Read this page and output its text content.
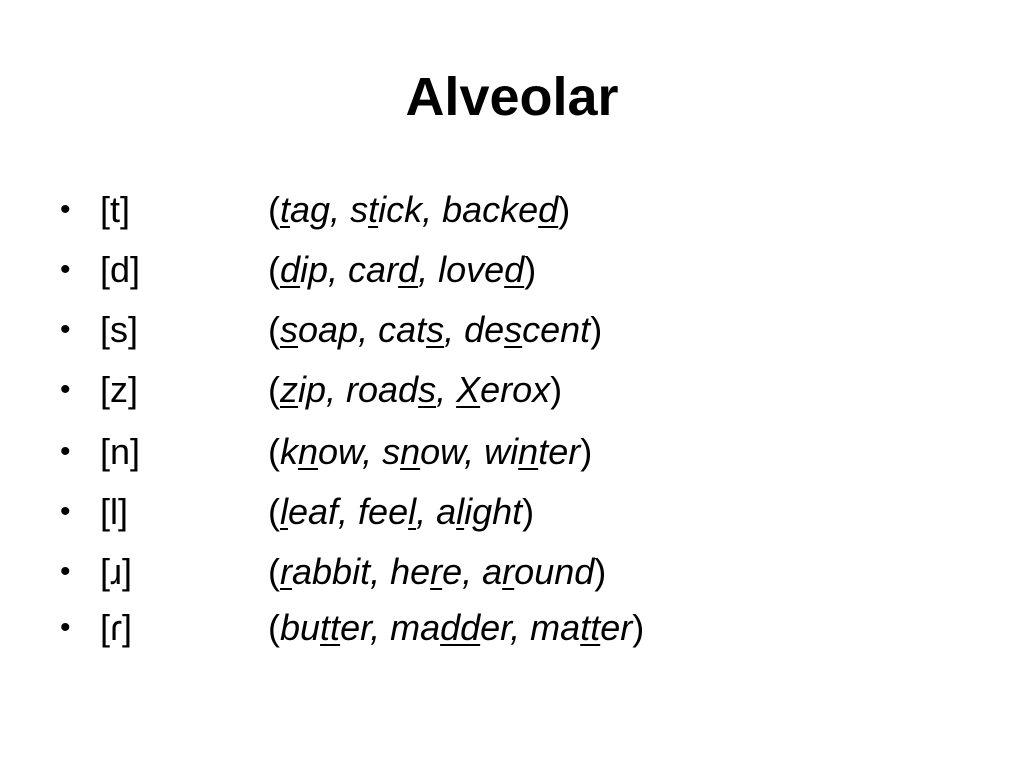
Alveolar
• [t]	(tag, stick, backed)
• [d]	(dip, card, loved)
• [s]	(soap, cats, descent)
• [z]	(zip, roads, Xerox)
• [n]	(know, snow, winter)
• [l]	(leaf, feel, alight)
• [ɹ]	(rabbit, here, around)
• [ɾ]	(butter, madder, matter)
